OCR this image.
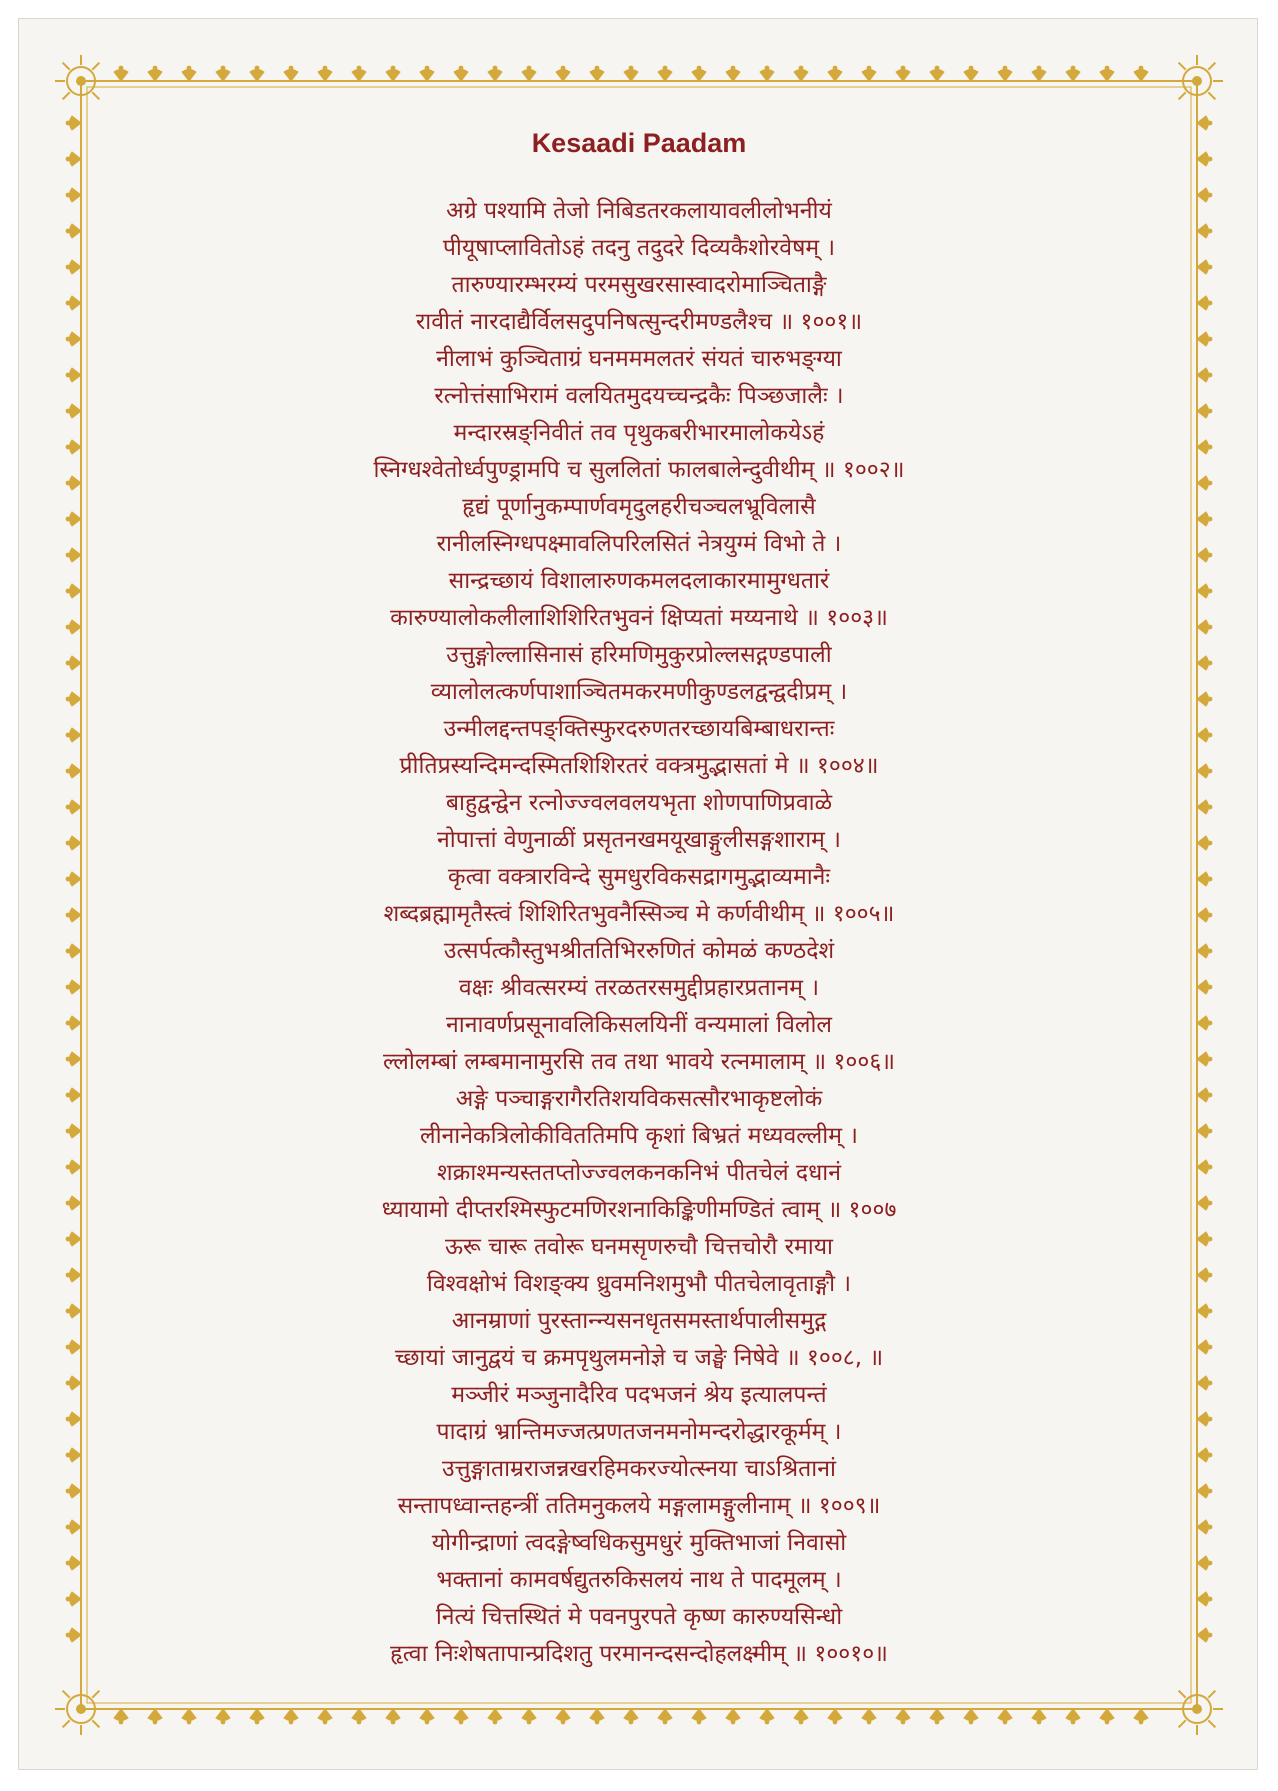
Kesaadi Paadam
अग्रे पश्यामि तेजो निबिडतरकलायावलीलोभनीयं
पीयूषाप्लावितोऽहं तदनु तदुदरे दिव्यकैशोरवेषम् ।
तारुण्यारम्भरम्यं परमसुखरसास्वादरोमाञ्चिताङ्गै
रावीतं नारदाद्यैर्विलसदुपनिषत्सुन्दरीमण्डलैश्च ॥ १००१॥
नीलाभं कुञ्चिताग्रं घनमममलतरं संयतं चारुभङ्ग्या
रत्नोत्तंसाभिरामं वलयितमुदयच्चन्द्रकैः पिञ्छजालैः ।
मन्दारस्रङ्निवीतं तव पृथुकबरीभारमालोकयेऽहं
स्निग्धश्वेतोर्ध्वपुण्ड्रामपि च सुललितां फालबालेन्दुवीथीम् ॥ १००२॥
हृद्यं पूर्णानुकम्पार्णवमृदुलहरीचञ्चलभ्रूविलासै
रानीलस्निग्धपक्ष्मावलिपरिलसितं नेत्रयुग्मं विभो ते ।
सान्द्रच्छायं विशालारुणकमलदलाकारमामुग्धतारं
कारुण्यालोकलीलाशिशिरितभुवनं क्षिप्यतां मय्यनाथे ॥ १००३॥
उत्तुङ्गोल्लासिनासं हरिमणिमुकुरप्रोल्लसद्गण्डपाली
व्यालोलत्कर्णपाशाञ्चितमकरमणीकुण्डलद्वन्द्वदीप्रम् ।
उन्मीलद्दन्तपङ्क्तिस्फुरदरुणतरच्छायबिम्बाधरान्तः
प्रीतिप्रस्यन्दिमन्दस्मितशिशिरतरं वक्त्रमुद्भासतां मे ॥ १००४॥
बाहुद्वन्द्वेन रत्नोज्ज्वलवलयभृता शोणपाणिप्रवाळे
नोपात्तां वेणुनाळीं प्रसृतनखमयूखाङ्गुलीसङ्गशाराम् ।
कृत्वा वक्त्रारविन्दे सुमधुरविकसद्रागमुद्भाव्यमानैः
शब्दब्रह्मामृतैस्त्वं शिशिरितभुवनैस्सिञ्च मे कर्णवीथीम् ॥ १००५॥
उत्सर्पत्कौस्तुभश्रीततिभिररुणितं कोमळं कण्ठदेशं
वक्षः श्रीवत्सरम्यं तरळतरसमुद्दीप्रहारप्रतानम् ।
नानावर्णप्रसूनावलिकिसलयिनीं वन्यमालां विलोल
ल्लोलम्बां लम्बमानामुरसि तव तथा भावये रत्नमालाम् ॥ १००६॥
अङ्गे पञ्चाङ्गरागैरतिशयविकसत्सौरभाकृष्टलोकं
लीनानेकत्रिलोकीविततिमपि कृशां बिभ्रतं मध्यवल्लीम् ।
शक्राश्मन्यस्ततप्तोज्ज्वलकनकनिभं पीतचेलं दधानं
ध्यायामो दीप्तरश्मिस्फुटमणिरशनाकिङ्किणीमण्डितं त्वाम् ॥ १००७
ऊरू चारू तवोरू घनमसृणरुचौ चित्तचोरौ रमाया
विश्वक्षोभं विशङ्क्य ध्रुवमनिशमुभौ पीतचेलावृताङ्गौ ।
आनम्राणां पुरस्तान्न्यसनधृतसमस्तार्थपालीसमुद्ग
च्छायां जानुद्वयं च क्रमपृथुलमनोज्ञे च जङ्घे निषेवे ॥ १००८, ॥
मञ्जीरं मञ्जुनादैरिव पदभजनं श्रेय इत्यालपन्तं
पादाग्रं भ्रान्तिमज्जत्प्रणतजनमनोमन्दरोद्धारकूर्मम् ।
उत्तुङ्गाताम्रराजन्नखरहिमकरज्योत्स्नया चाऽश्रितानां
सन्तापध्वान्तहन्त्रीं ततिमनुकलये मङ्गलामङ्गुलीनाम् ॥ १००९॥
योगीन्द्राणां त्वदङ्गेष्वधिकसुमधुरं मुक्तिभाजां निवासो
भक्तानां कामवर्षद्युतरुकिसलयं नाथ ते पादमूलम् ।
नित्यं चित्तस्थितं मे पवनपुरपते कृष्ण कारुण्यसिन्धो
हृत्वा निःशेषतापान्प्रदिशतु परमानन्दसन्दोहलक्ष्मीम् ॥ १००१०॥
